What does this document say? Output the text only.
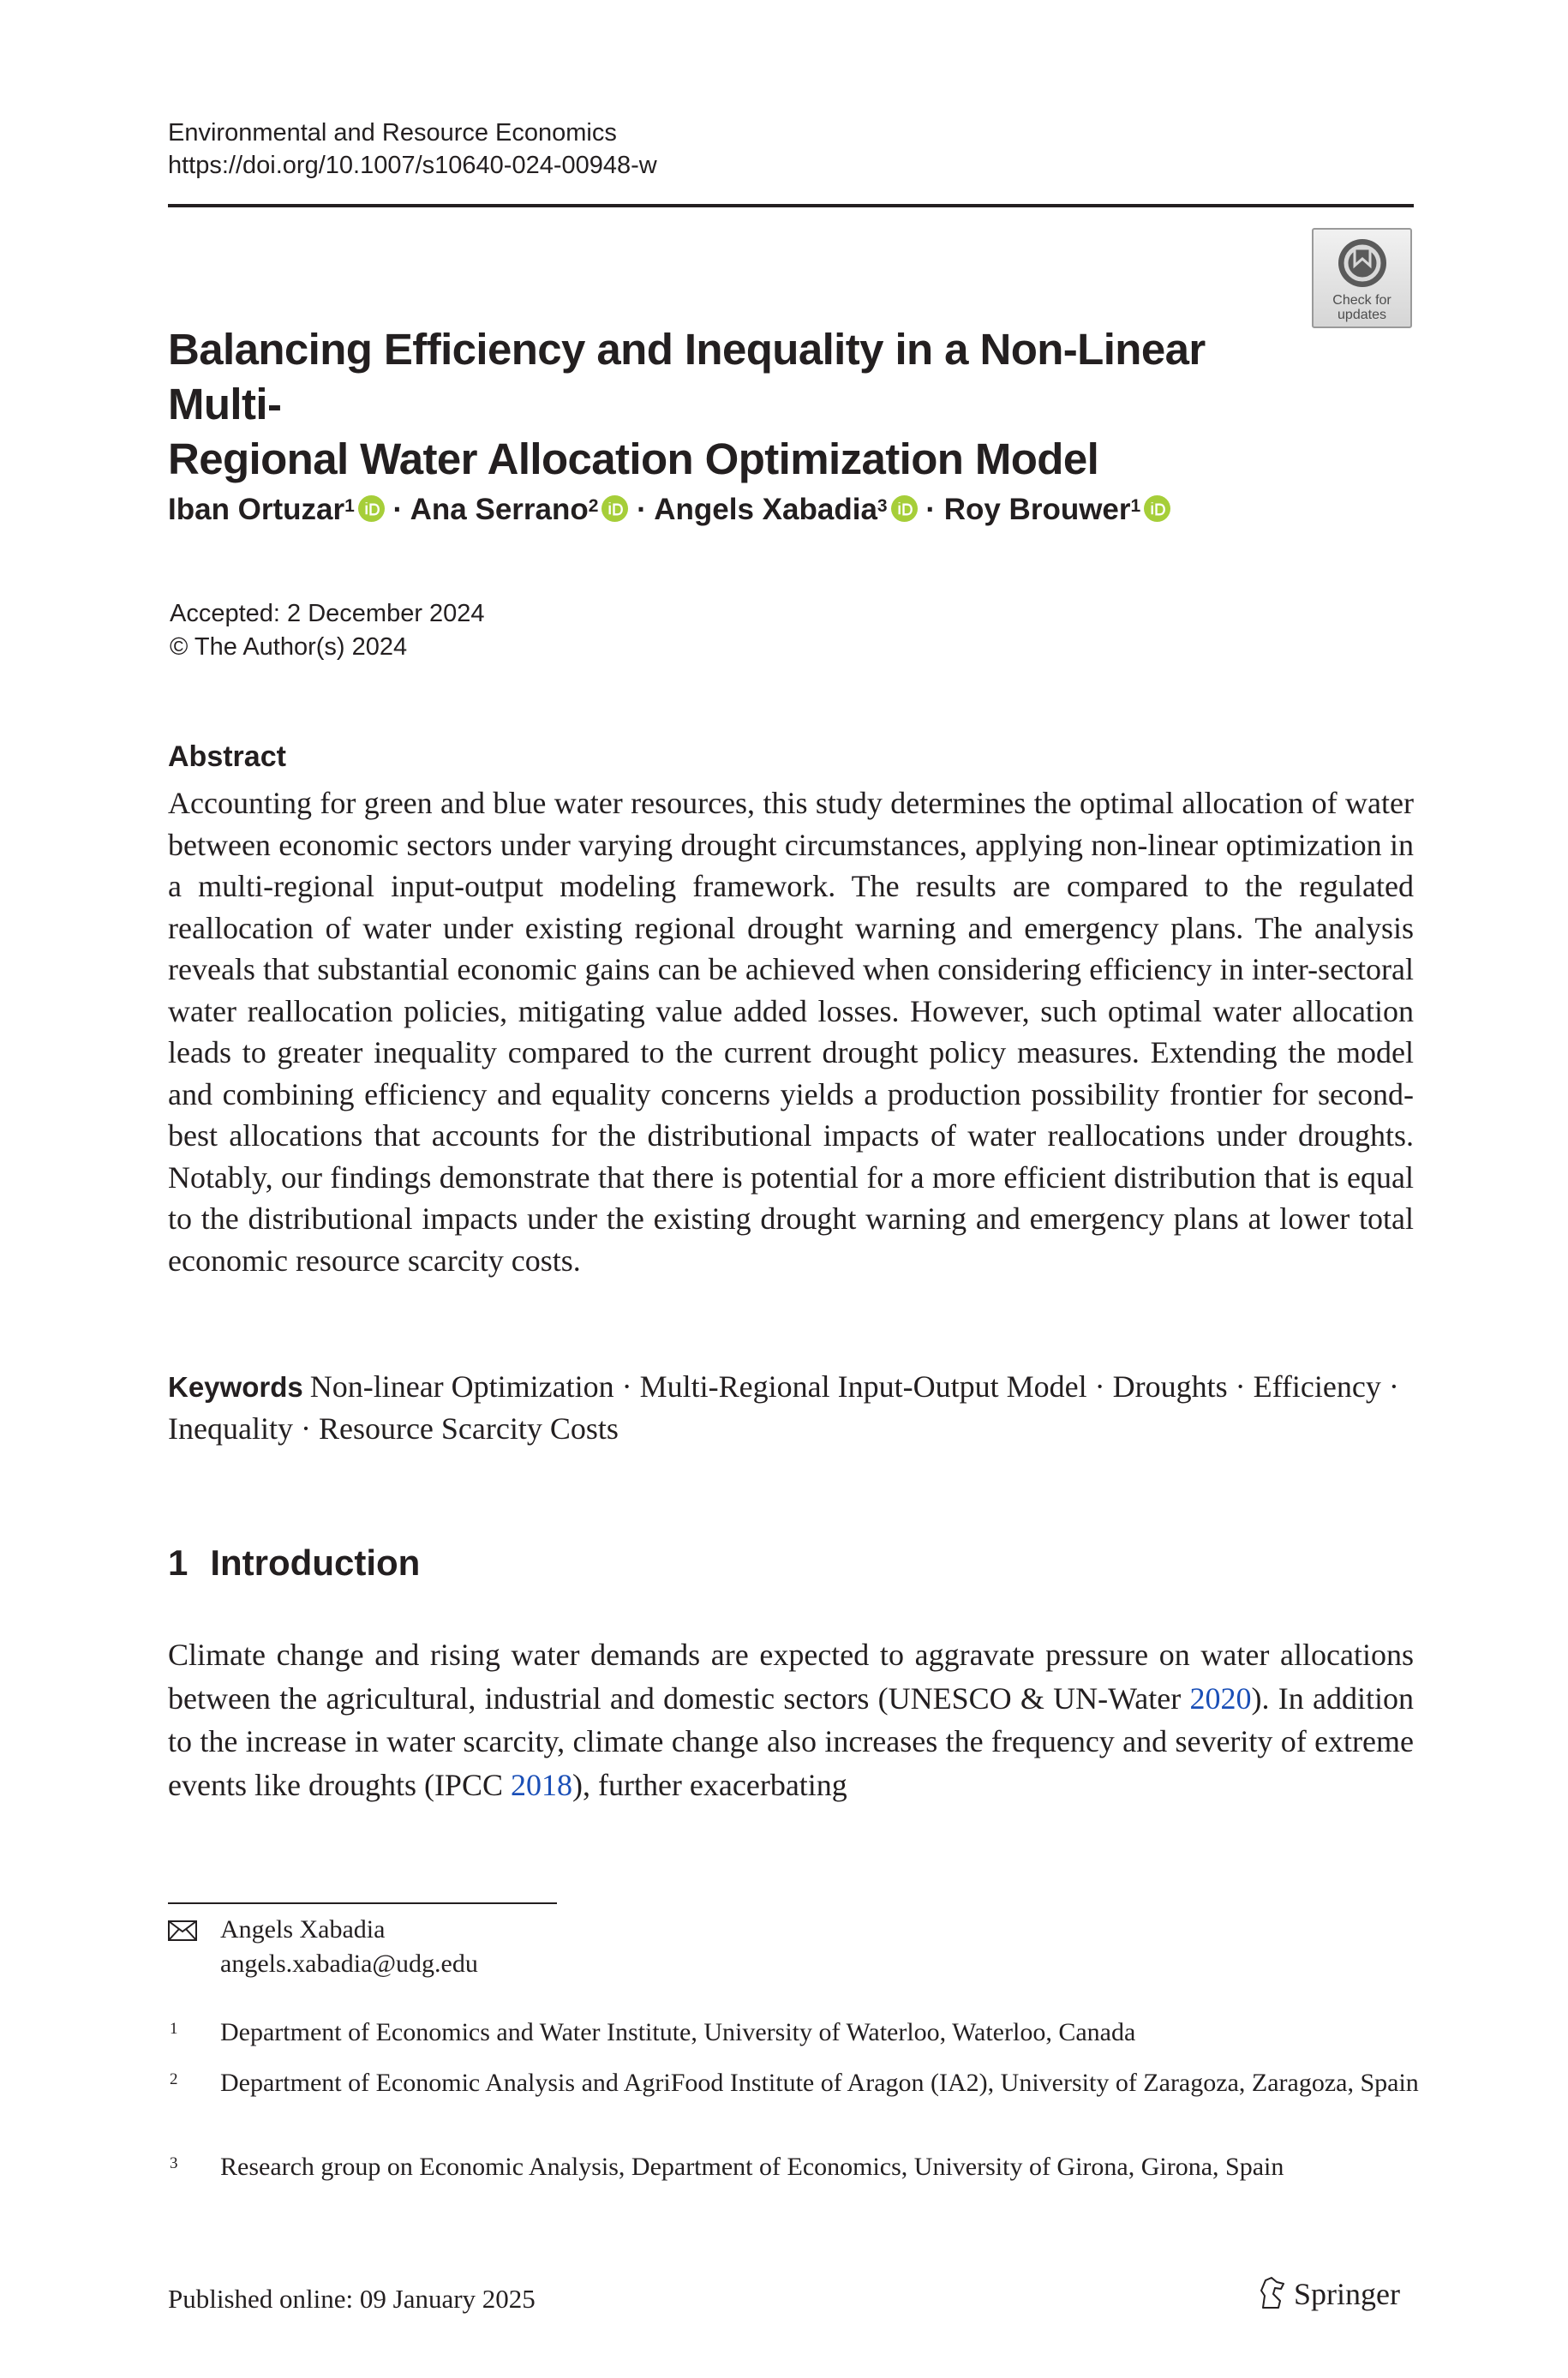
Environmental and Resource Economics
https://doi.org/10.1007/s10640-024-00948-w
Check for
updates
Balancing Efficiency and Inequality in a Non-Linear Multi-
Regional Water Allocation Optimization Model
Iban Ortuzar$^1$ · Ana Serrano$^2$ · Angels Xabadia$^3$ · Roy Brouwer$^1$
Accepted: 2 December 2024
© The Author(s) 2024
Abstract
Accounting for green and blue water resources, this study determines the optimal allocation of water between economic sectors under varying drought circumstances, applying non-linear optimization in a multi-regional input-output modeling framework. The results are compared to the regulated reallocation of water under existing regional drought warning and emergency plans. The analysis reveals that substantial economic gains can be achieved when considering efficiency in inter-sectoral water reallocation policies, mitigating value added losses. However, such optimal water allocation leads to greater inequality compared to the current drought policy measures. Extending the model and combining efficiency and equality concerns yields a production possibility frontier for second-best allocations that accounts for the distributional impacts of water reallocations under droughts. Notably, our findings demonstrate that there is potential for a more efficient distribution that is equal to the distributional impacts under the existing drought warning and emergency plans at lower total economic resource scarcity costs.
Keywords Non-linear Optimization · Multi-Regional Input-Output Model · Droughts · Efficiency · Inequality · Resource Scarcity Costs
1 Introduction
Climate change and rising water demands are expected to aggravate pressure on water allocations between the agricultural, industrial and domestic sectors (UNESCO & UN-Water 2020). In addition to the increase in water scarcity, climate change also increases the frequency and severity of extreme events like droughts (IPCC 2018), further exacerbating
Angels Xabadia
angels.xabadia@udg.edu
1 Department of Economics and Water Institute, University of Waterloo, Waterloo, Canada
2 Department of Economic Analysis and AgriFood Institute of Aragon (IA2), University of Zaragoza, Zaragoza, Spain
3 Research group on Economic Analysis, Department of Economics, University of Girona, Girona, Spain
Published online: 09 January 2025	Springer
